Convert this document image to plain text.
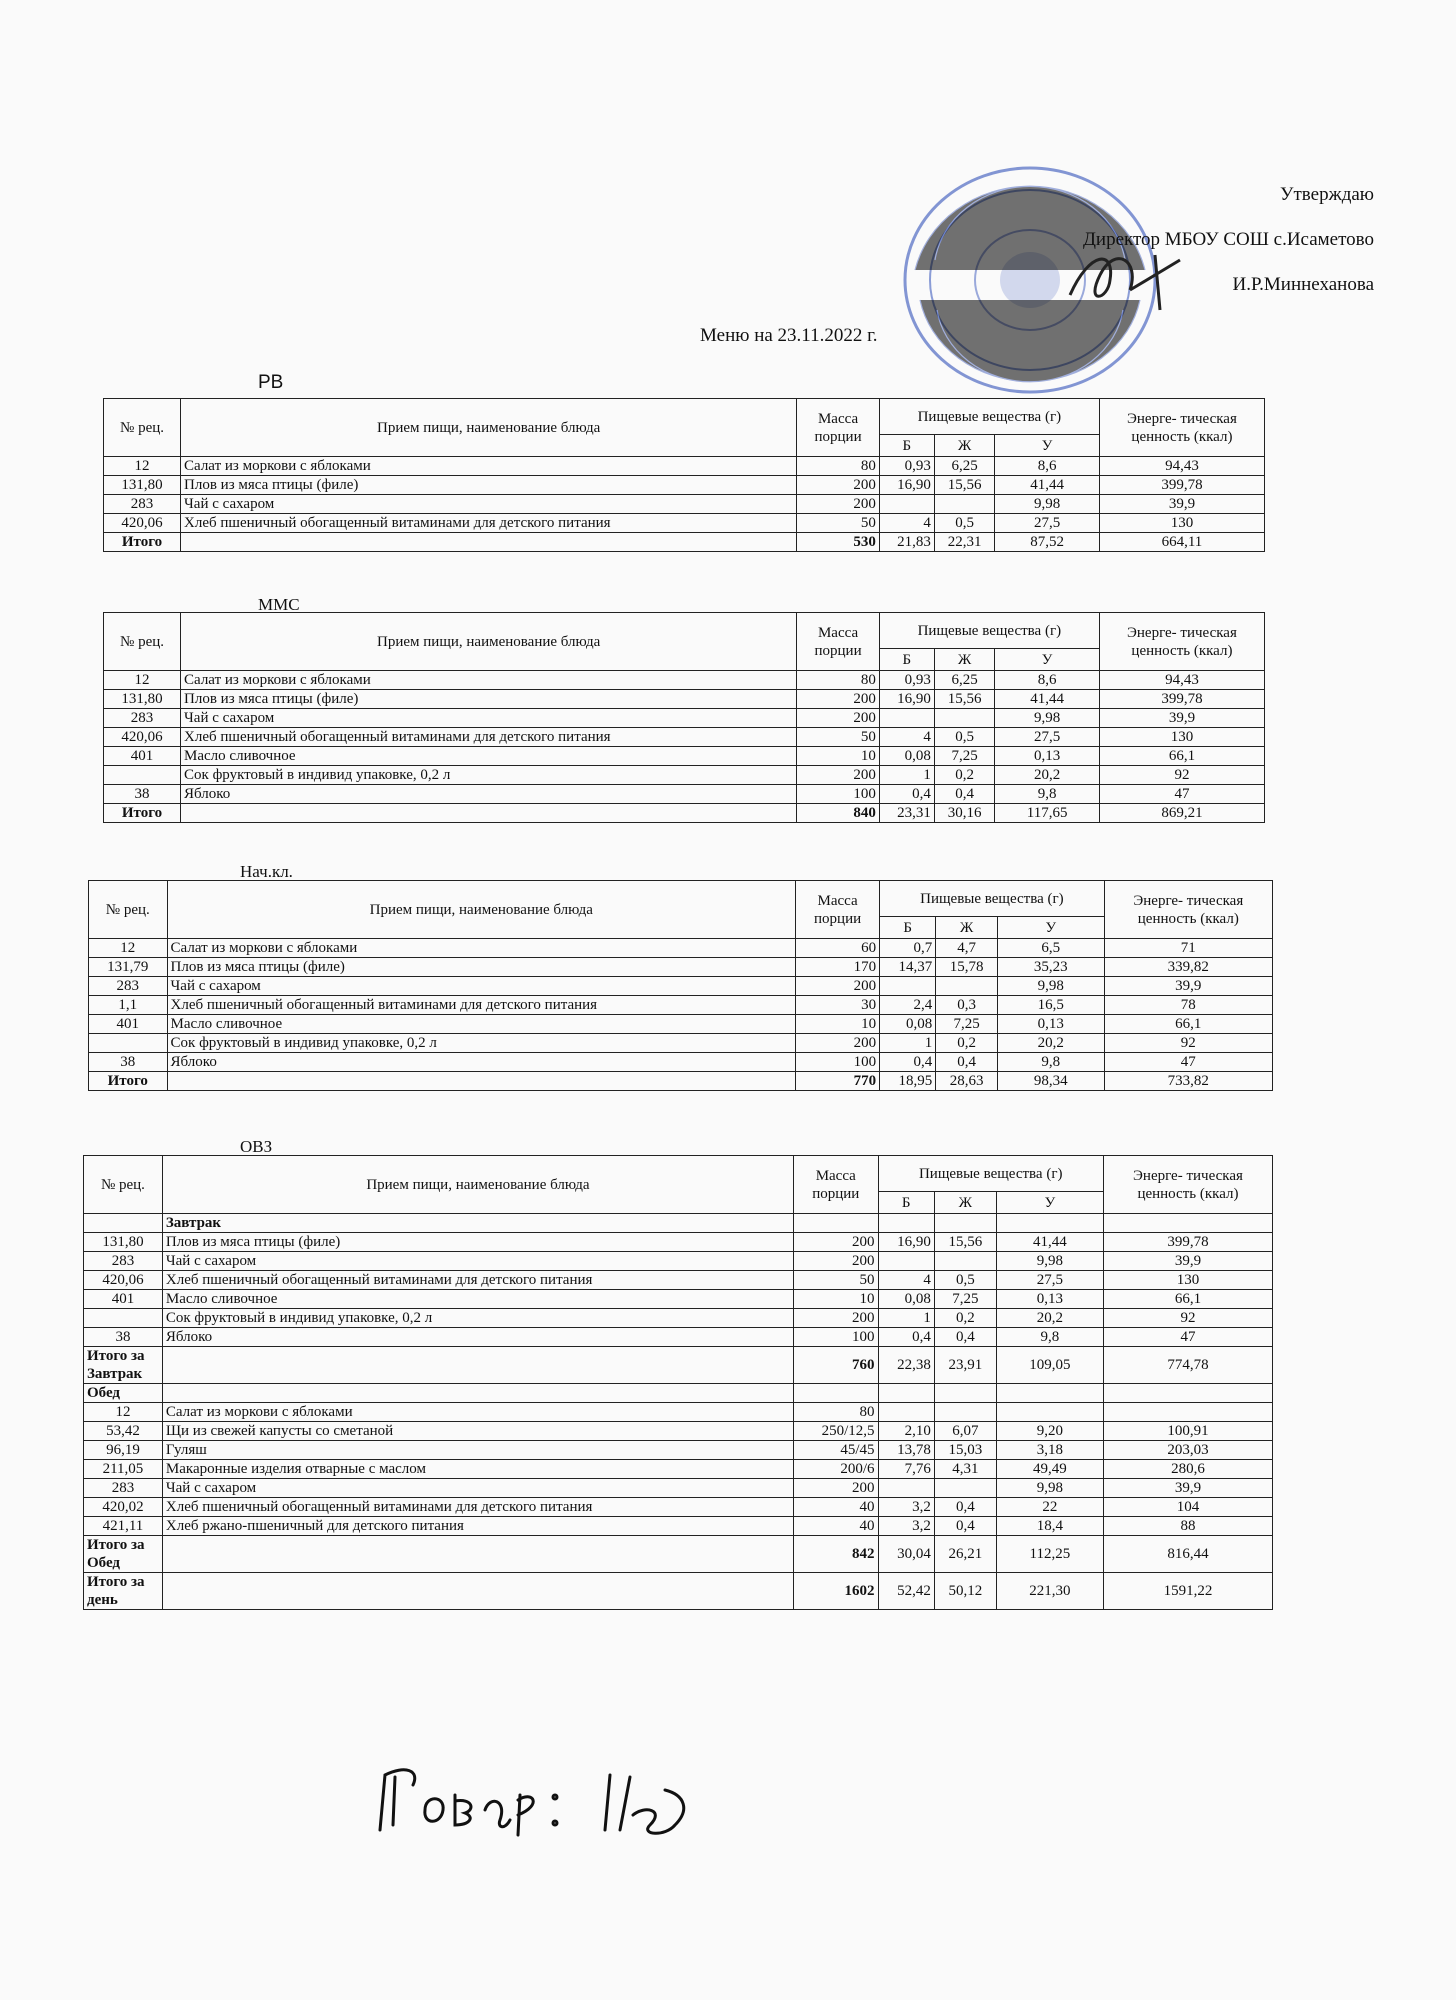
Утверждаю
Директор МБОУ СОШ с.Исаметово
И.Р.Миннеханова
Меню на 23.11.2022 г.
РВ
ММС
Нач.кл.
ОВЗ
№ рец.	Прием пищи, наименование блюда	Масса порции	Пищевые вещества (г)			Энерге- тическая ценность (ккал)
			Б	Ж	У	
12	Салат из моркови с яблоками	80	0,93	6,25	8,6	94,43
131,80	Плов из мяса птицы (филе)	200	16,90	15,56	41,44	399,78
283	Чай с сахаром	200			9,98	39,9
420,06	Хлеб пшеничный обогащенный витаминами для детского питания	50	4	0,5	27,5	130
Итого		530	21,83	22,31	87,52	664,11
№ рец.	Прием пищи, наименование блюда	Масса порции	Пищевые вещества (г)			Энерге- тическая ценность (ккал)
			Б	Ж	У	
12	Салат из моркови с яблоками	80	0,93	6,25	8,6	94,43
131,80	Плов из мяса птицы (филе)	200	16,90	15,56	41,44	399,78
283	Чай с сахаром	200			9,98	39,9
420,06	Хлеб пшеничный обогащенный витаминами для детского питания	50	4	0,5	27,5	130
401	Масло сливочное	10	0,08	7,25	0,13	66,1
	Сок фруктовый в индивид упаковке, 0,2 л	200	1	0,2	20,2	92
38	Яблоко	100	0,4	0,4	9,8	47
Итого		840	23,31	30,16	117,65	869,21
№ рец.	Прием пищи, наименование блюда	Масса порции	Пищевые вещества (г)			Энерге- тическая ценность (ккал)
			Б	Ж	У	
12	Салат из моркови с яблоками	60	0,7	4,7	6,5	71
131,79	Плов из мяса птицы (филе)	170	14,37	15,78	35,23	339,82
283	Чай с сахаром	200			9,98	39,9
1,1	Хлеб пшеничный обогащенный витаминами для детского питания	30	2,4	0,3	16,5	78
401	Масло сливочное	10	0,08	7,25	0,13	66,1
	Сок фруктовый в индивид упаковке, 0,2 л	200	1	0,2	20,2	92
38	Яблоко	100	0,4	0,4	9,8	47
Итого		770	18,95	28,63	98,34	733,82
№ рец.	Прием пищи, наименование блюда	Масса порции	Пищевые вещества (г)			Энерге- тическая ценность (ккал)
			Б	Ж	У	
	Завтрак					
131,80	Плов из мяса птицы (филе)	200	16,90	15,56	41,44	399,78
283	Чай с сахаром	200			9,98	39,9
420,06	Хлеб пшеничный обогащенный витаминами для детского питания	50	4	0,5	27,5	130
401	Масло сливочное	10	0,08	7,25	0,13	66,1
	Сок фруктовый в индивид упаковке, 0,2 л	200	1	0,2	20,2	92
38	Яблоко	100	0,4	0,4	9,8	47
Итого за Завтрак		760	22,38	23,91	109,05	774,78
Обед						
12	Салат из моркови с яблоками	80				
53,42	Щи из свежей капусты со сметаной	250/12,5	2,10	6,07	9,20	100,91
96,19	Гуляш	45/45	13,78	15,03	3,18	203,03
211,05	Макаронные изделия отварные с маслом	200/6	7,76	4,31	49,49	280,6
283	Чай с сахаром	200			9,98	39,9
420,02	Хлеб пшеничный обогащенный витаминами для детского питания	40	3,2	0,4	22	104
421,11	Хлеб ржано-пшеничный для детского питания	40	3,2	0,4	18,4	88
Итого за Обед		842	30,04	26,21	112,25	816,44
Итого за день		1602	52,42	50,12	221,30	1591,22
